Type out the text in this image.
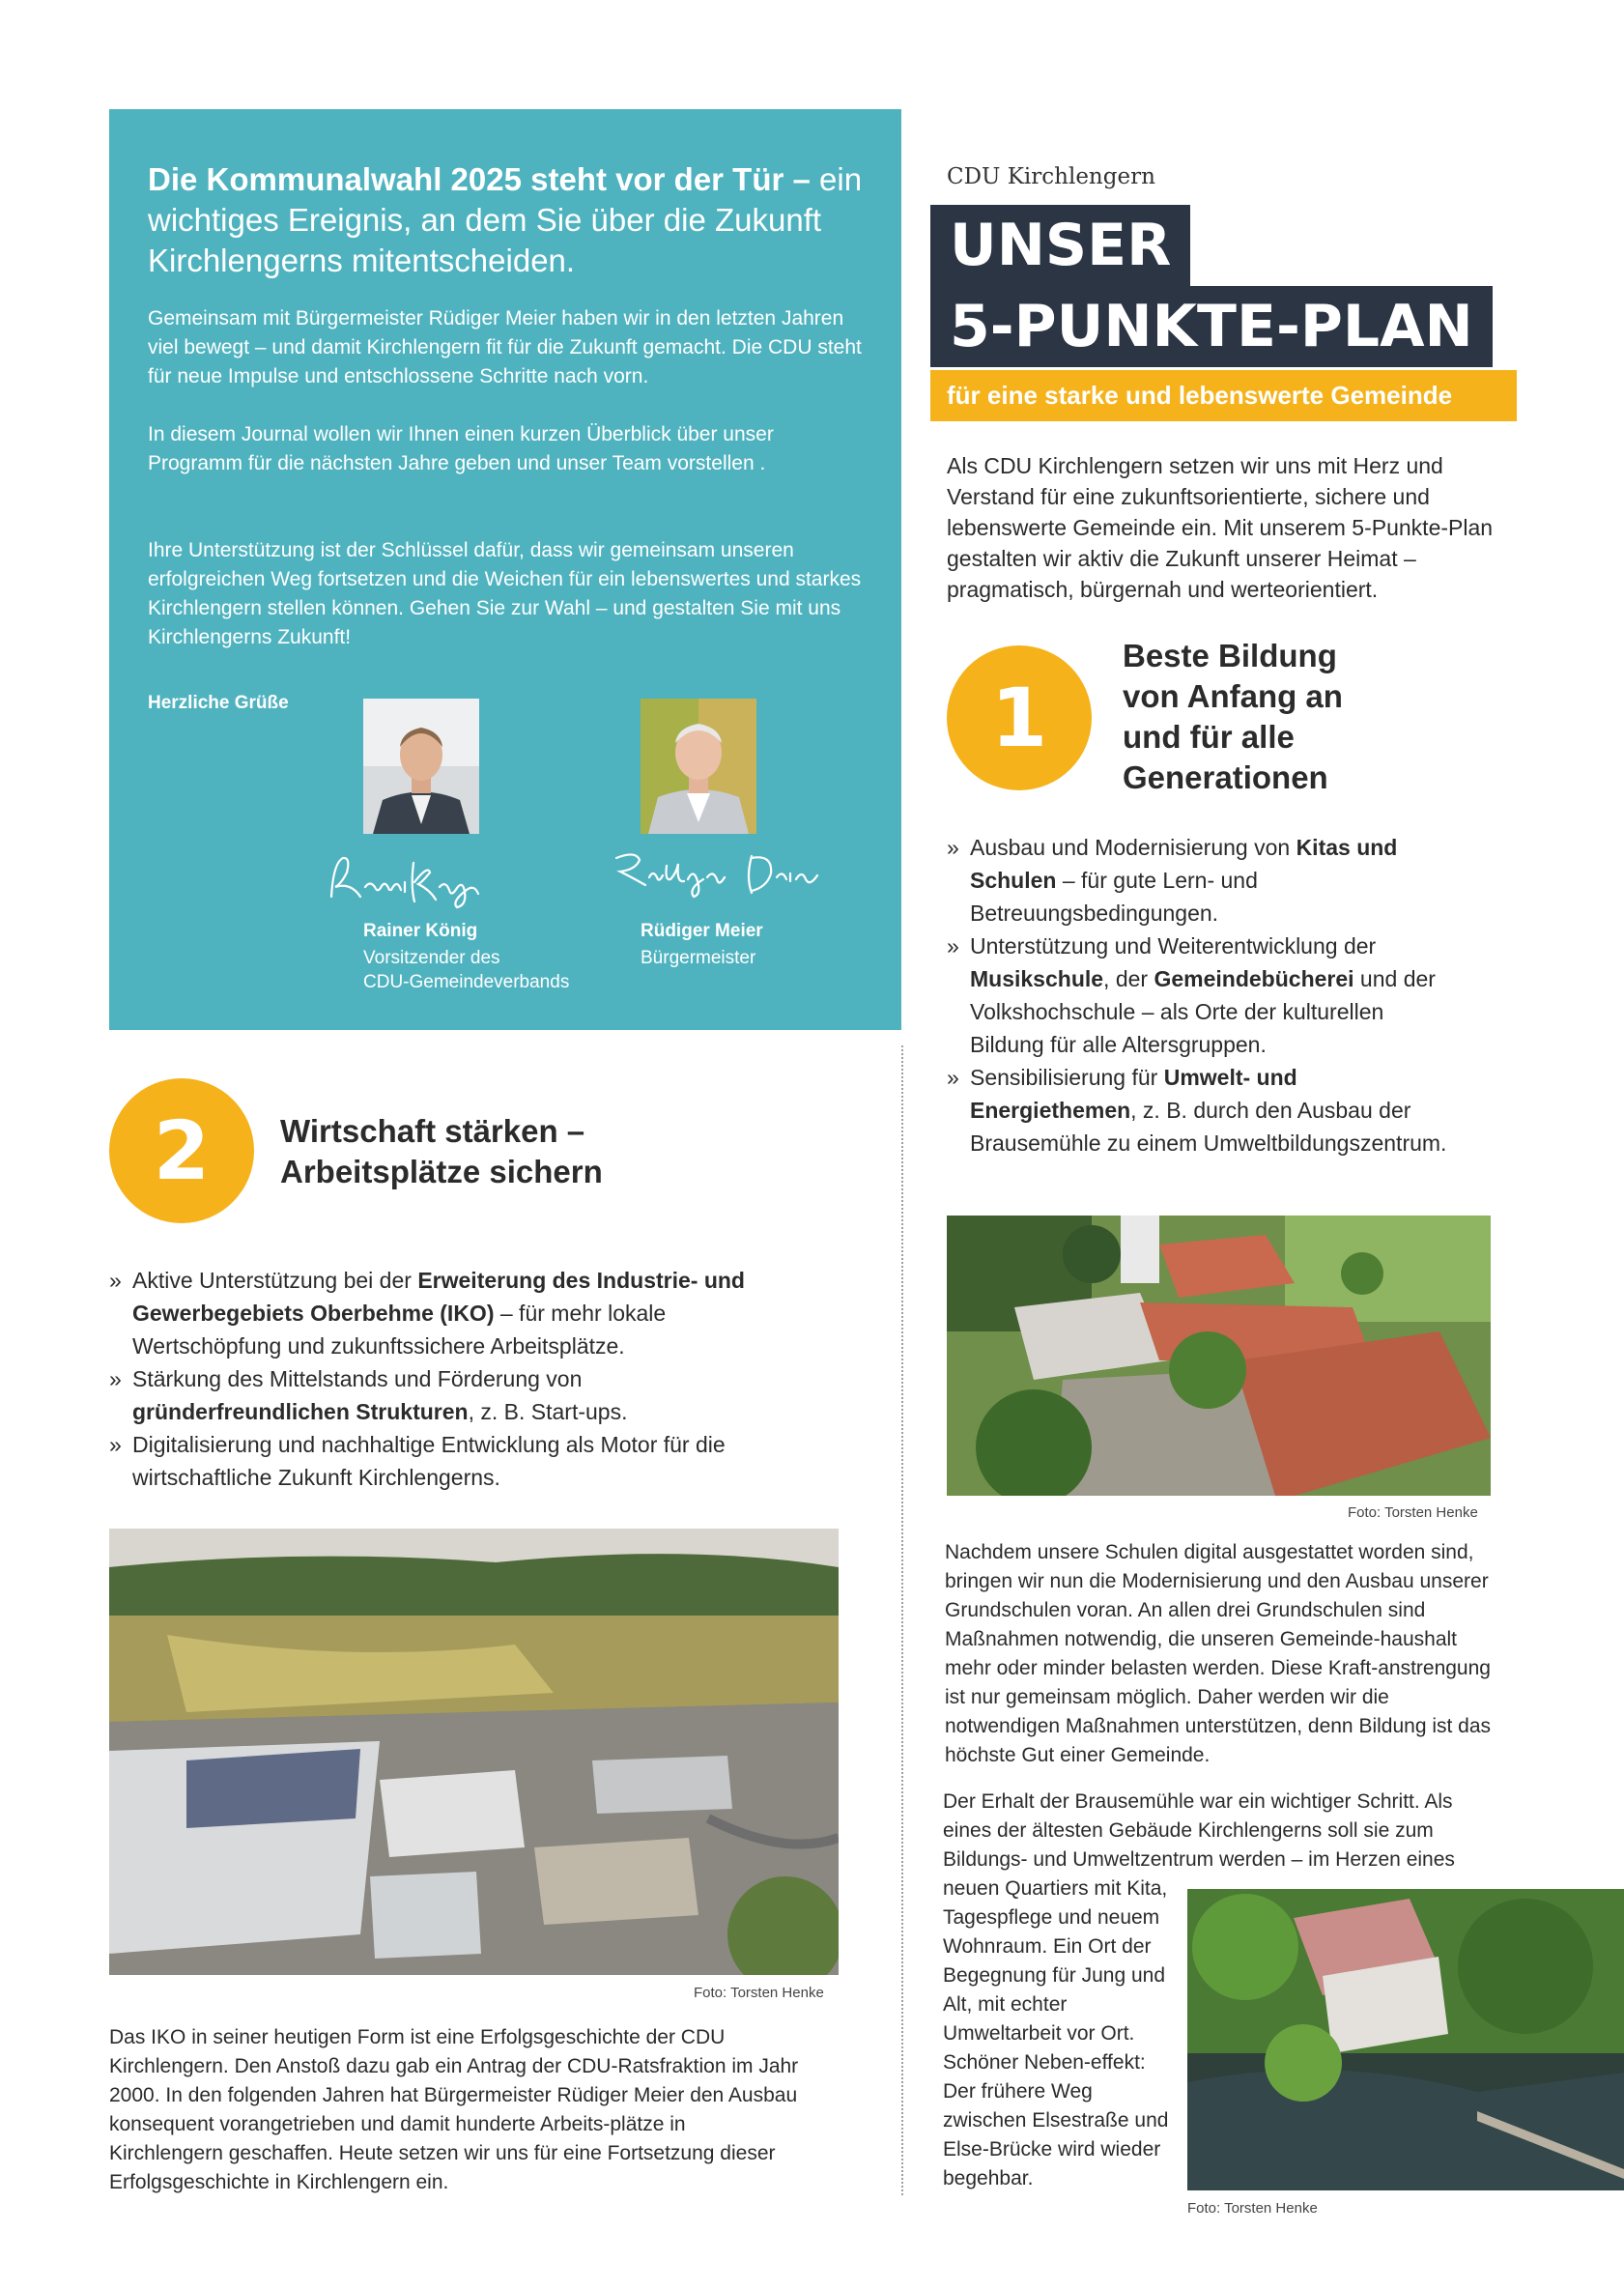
Die Kommunalwahl 2025 steht vor der Tür – ein wichtiges Ereignis, an dem Sie über die Zukunft Kirchlengerns mitentscheiden.

Gemeinsam mit Bürgermeister Rüdiger Meier haben wir in den letzten Jahren viel bewegt – und damit Kirchlengern fit für die Zukunft gemacht. Die CDU steht für neue Impulse und entschlossene Schritte nach vorn.

In diesem Journal wollen wir Ihnen einen kurzen Überblick über unser Programm für die nächsten Jahre geben und unser Team vorstellen .

Ihre Unterstützung ist der Schlüssel dafür, dass wir gemeinsam unseren erfolgreichen Weg fortsetzen und die Weichen für ein lebenswertes und starkes Kirchlengern stellen können. Gehen Sie zur Wahl – und gestalten Sie mit uns Kirchlengerns Zukunft!

Herzliche Grüße
Rainer König
Vorsitzender des
CDU-Gemeindeverbands
Rüdiger Meier
Bürgermeister
CDU Kirchlengern
UNSER
5-PUNKTE-PLAN
für eine starke und lebenswerte Gemeinde

Als CDU Kirchlengern setzen wir uns mit Herz und Verstand für eine zukunftsorientierte, sichere und lebenswerte Gemeinde ein. Mit unserem 5-Punkte-Plan gestalten wir aktiv die Zukunft unserer Heimat – pragmatisch, bürgernah und werteorientiert.

1
Beste Bildung
von Anfang an
und für alle
Generationen
» Ausbau und Modernisierung von Kitas und Schulen – für gute Lern- und Betreuungsbedingungen.
» Unterstützung und Weiterentwicklung der Musikschule, der Gemeindebücherei und der Volkshochschule – als Orte der kulturellen Bildung für alle Altersgruppen.
» Sensibilisierung für Umwelt- und Energiethemen, z. B. durch den Ausbau der Brausemühle zu einem Umweltbildungszentrum.
Foto: Torsten Henke

Nachdem unsere Schulen digital ausgestattet worden sind, bringen wir nun die Modernisierung und den Ausbau unserer Grundschulen voran. An allen drei Grundschulen sind Maßnahmen notwendig, die unseren Gemeinde-haushalt mehr oder minder belasten werden. Diese Kraft-anstrengung ist nur gemeinsam möglich. Daher werden wir die notwendigen Maßnahmen unterstützen, denn Bildung ist das höchste Gut einer Gemeinde.

Der Erhalt der Brausemühle war ein wichtiger Schritt. Als eines der ältesten Gebäude Kirchlengerns soll sie zum Bildungs- und Umweltzentrum werden – im Herzen eines

neuen Quartiers mit Kita, Tagespflege und neuem Wohnraum. Ein Ort der Begegnung für Jung und Alt, mit echter Umweltarbeit vor Ort. Schöner Neben-effekt: Der frühere Weg zwischen Elsestraße und Else-Brücke wird wieder begehbar.

Foto: Torsten Henke
2	Wirtschaft stärken –
Arbeitsplätze sichern
» Aktive Unterstützung bei der Erweiterung des Industrie- und Gewerbegebiets Oberbehme (IKO) – für mehr lokale Wertschöpfung und zukunftssichere Arbeitsplätze.
» Stärkung des Mittelstands und Förderung von gründerfreundlichen Strukturen, z. B. Start-ups.
» Digitalisierung und nachhaltige Entwicklung als Motor für die wirtschaftliche Zukunft Kirchlengerns.
Foto: Torsten Henke

Das IKO in seiner heutigen Form ist eine Erfolgsgeschichte der CDU Kirchlengern. Den Anstoß dazu gab ein Antrag der CDU-Ratsfraktion im Jahr 2000. In den folgenden Jahren hat Bürgermeister Rüdiger Meier den Ausbau konsequent vorangetrieben und damit hunderte Arbeits-plätze in Kirchlengern geschaffen. Heute setzen wir uns für eine Fortsetzung dieser Erfolgsgeschichte in Kirchlengern ein.
